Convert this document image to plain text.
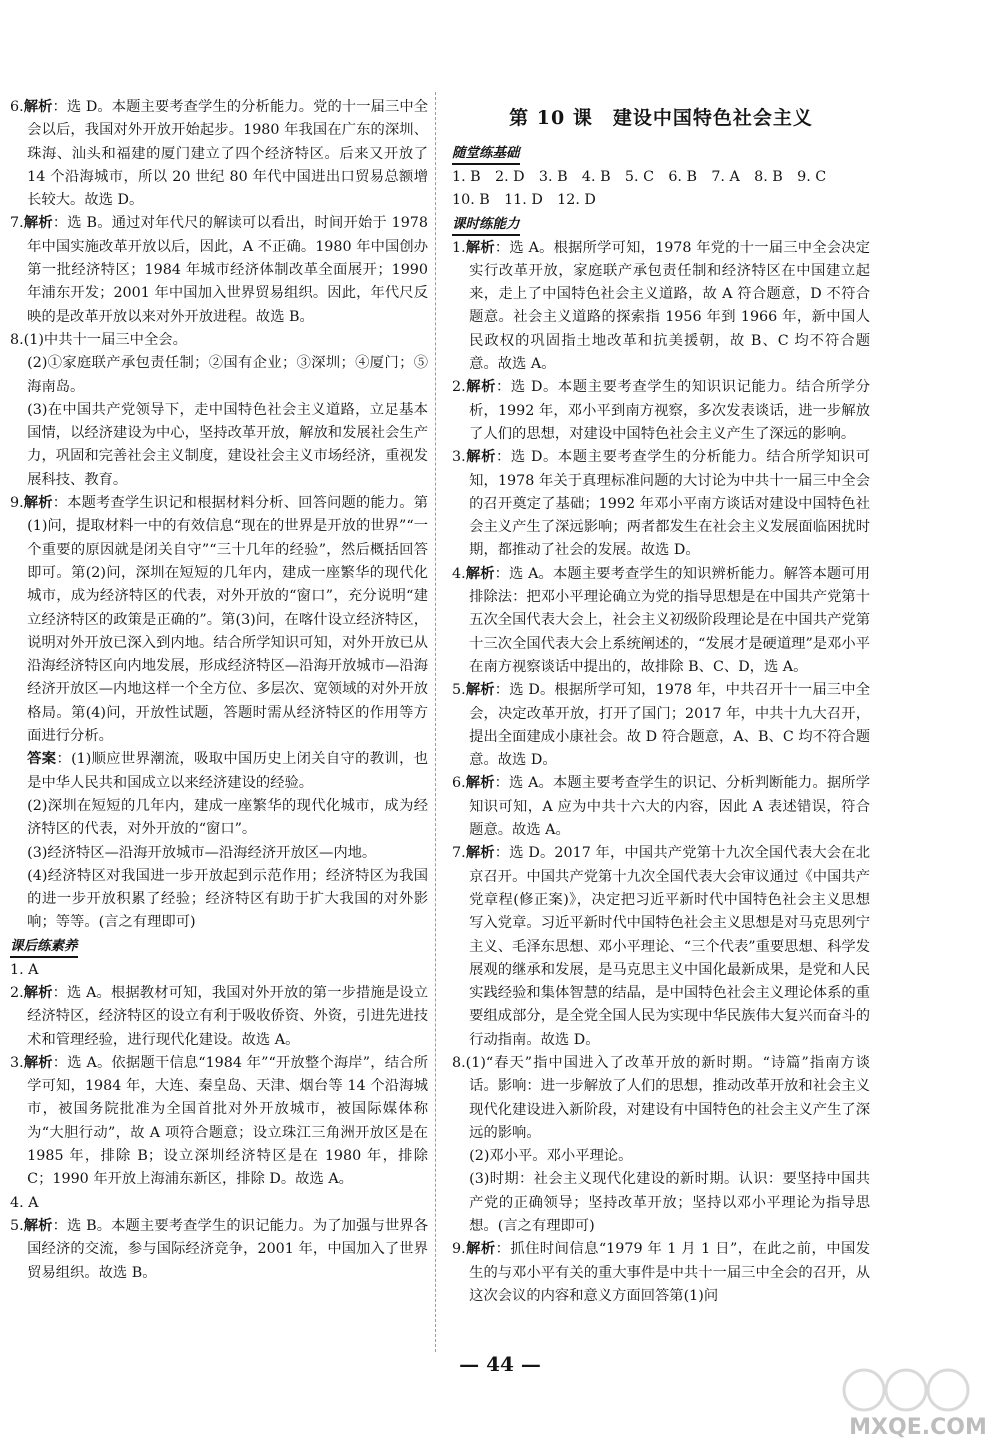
6.解析：选 D。本题主要考查学生的分析能力。党的十一届三中全会以后，我国对外开放开始起步。1980 年我国在广东的深圳、珠海、汕头和福建的厦门建立了四个经济特区。后来又开放了 14 个沿海城市，所以 20 世纪 80 年代中国进出口贸易总额增长较大。故选 D。

7.解析：选 B。通过对年代尺的解读可以看出，时间开始于 1978 年中国实施改革开放以后，因此，A 不正确。1980 年中国创办第一批经济特区；1984 年城市经济体制改革全面展开；1990 年浦东开发；2001 年中国加入世界贸易组织。因此，年代尺反映的是改革开放以来对外开放进程。故选 B。

8.(1)中共十一届三中全会。

(2)①家庭联产承包责任制；②国有企业；③深圳；④厦门；⑤海南岛。

(3)在中国共产党领导下，走中国特色社会主义道路，立足基本国情，以经济建设为中心，坚持改革开放，解放和发展社会生产力，巩固和完善社会主义制度，建设社会主义市场经济，重视发展科技、教育。

9.解析：本题考查学生识记和根据材料分析、回答问题的能力。第(1)问，提取材料一中的有效信息“现在的世界是开放的世界”“一个重要的原因就是闭关自守”“三十几年的经验”，然后概括回答即可。第(2)问，深圳在短短的几年内，建成一座繁华的现代化城市，成为经济特区的代表，对外开放的“窗口”，充分说明“建立经济特区的政策是正确的”。第(3)问，在喀什设立经济特区，说明对外开放已深入到内地。结合所学知识可知，对外开放已从沿海经济特区向内地发展，形成经济特区—沿海开放城市—沿海经济开放区—内地这样一个全方位、多层次、宽领域的对外开放格局。第(4)问，开放性试题，答题时需从经济特区的作用等方面进行分析。

答案：(1)顺应世界潮流，吸取中国历史上闭关自守的教训，也是中华人民共和国成立以来经济建设的经验。

(2)深圳在短短的几年内，建成一座繁华的现代化城市，成为经济特区的代表，对外开放的“窗口”。

(3)经济特区—沿海开放城市—沿海经济开放区—内地。

(4)经济特区对我国进一步开放起到示范作用；经济特区为我国的进一步开放积累了经验；经济特区有助于扩大我国的对外影响；等等。(言之有理即可)

课后练素养

1. A

2.解析：选 A。根据教材可知，我国对外开放的第一步措施是设立经济特区，经济特区的设立有利于吸收侨资、外资，引进先进技术和管理经验，进行现代化建设。故选 A。

3.解析：选 A。依据题干信息“1984 年”“开放整个海岸”，结合所学可知，1984 年，大连、秦皇岛、天津、烟台等 14 个沿海城市，被国务院批准为全国首批对外开放城市，被国际媒体称为“大胆行动”，故 A 项符合题意；设立珠江三角洲开放区是在 1985 年，排除 B；设立深圳经济特区是在 1980 年，排除 C；1990 年开放上海浦东新区，排除 D。故选 A。

4. A

5.解析：选 B。本题主要考查学生的识记能力。为了加强与世界各国经济的交流，参与国际经济竞争，2001 年，中国加入了世界贸易组织。故选 B。

第 10 课　建设中国特色社会主义
随堂练基础

1. B　2. D　3. B　4. B　5. C　6. B　7. A　8. B　9. C

10. B　11. D　12. D

课时练能力

1.解析：选 A。根据所学可知，1978 年党的十一届三中全会决定实行改革开放，家庭联产承包责任制和经济特区在中国建立起来，走上了中国特色社会主义道路，故 A 符合题意，D 不符合题意。社会主义道路的探索指 1956 年到 1966 年，新中国人民政权的巩固指土地改革和抗美援朝，故 B、C 均不符合题意。故选 A。

2.解析：选 D。本题主要考查学生的知识识记能力。结合所学分析，1992 年，邓小平到南方视察，多次发表谈话，进一步解放了人们的思想，对建设中国特色社会主义产生了深远的影响。

3.解析：选 D。本题主要考查学生的分析能力。结合所学知识可知，1978 年关于真理标准问题的大讨论为中共十一届三中全会的召开奠定了基础；1992 年邓小平南方谈话对建设中国特色社会主义产生了深远影响；两者都发生在社会主义发展面临困扰时期，都推动了社会的发展。故选 D。

4.解析：选 A。本题主要考查学生的知识辨析能力。解答本题可用排除法：把邓小平理论确立为党的指导思想是在中国共产党第十五次全国代表大会上，社会主义初级阶段理论是在中国共产党第十三次全国代表大会上系统阐述的，“发展才是硬道理”是邓小平在南方视察谈话中提出的，故排除 B、C、D，选 A。

5.解析：选 D。根据所学可知，1978 年，中共召开十一届三中全会，决定改革开放，打开了国门；2017 年，中共十九大召开，提出全面建成小康社会。故 D 符合题意，A、B、C 均不符合题意。故选 D。

6.解析：选 A。本题主要考查学生的识记、分析判断能力。据所学知识可知，A 应为中共十六大的内容，因此 A 表述错误，符合题意。故选 A。

7.解析：选 D。2017 年，中国共产党第十九次全国代表大会在北京召开。中国共产党第十九次全国代表大会审议通过《中国共产党章程(修正案)》，决定把习近平新时代中国特色社会主义思想写入党章。习近平新时代中国特色社会主义思想是对马克思列宁主义、毛泽东思想、邓小平理论、“三个代表”重要思想、科学发展观的继承和发展，是马克思主义中国化最新成果，是党和人民实践经验和集体智慧的结晶，是中国特色社会主义理论体系的重要组成部分，是全党全国人民为实现中华民族伟大复兴而奋斗的行动指南。故选 D。

8.(1)“春天”指中国进入了改革开放的新时期。“诗篇”指南方谈话。影响：进一步解放了人们的思想，推动改革开放和社会主义现代化建设进入新阶段，对建设有中国特色的社会主义产生了深远的影响。

(2)邓小平。邓小平理论。

(3)时期：社会主义现代化建设的新时期。认识：要坚持中国共产党的正确领导；坚持改革开放；坚持以邓小平理论为指导思想。(言之有理即可)

9.解析：抓住时间信息“1979 年 1 月 1 日”，在此之前，中国发生的与邓小平有关的重大事件是中共十一届三中全会的召开，从这次会议的内容和意义方面回答第(1)问

— 44 —
MXQE.COM
